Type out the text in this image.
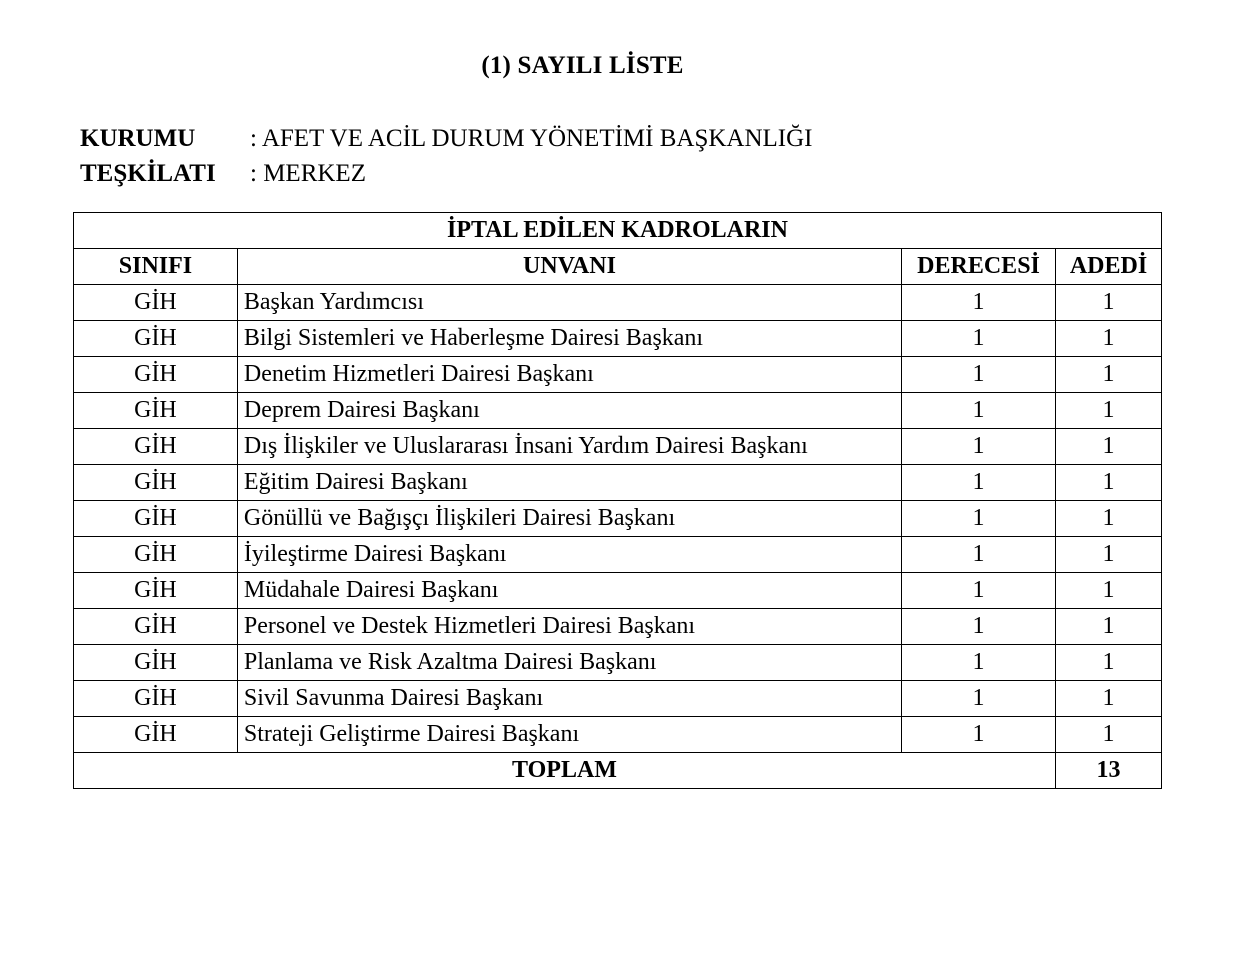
(1) SAYILI LİSTE
KURUMU : AFET VE ACİL DURUM YÖNETİMİ BAŞKANLIĞI
TEŞKİLATI : MERKEZ
İPTAL EDİLEN KADROLARIN			
SINIFI	UNVANI	DERECESİ	ADEDİ
GİH	Başkan Yardımcısı	1	1
GİH	Bilgi Sistemleri ve Haberleşme Dairesi Başkanı	1	1
GİH	Denetim Hizmetleri Dairesi Başkanı	1	1
GİH	Deprem Dairesi Başkanı	1	1
GİH	Dış İlişkiler ve Uluslararası İnsani Yardım Dairesi Başkanı	1	1
GİH	Eğitim Dairesi Başkanı	1	1
GİH	Gönüllü ve Bağışçı İlişkileri Dairesi Başkanı	1	1
GİH	İyileştirme Dairesi Başkanı	1	1
GİH	Müdahale Dairesi Başkanı	1	1
GİH	Personel ve Destek Hizmetleri Dairesi Başkanı	1	1
GİH	Planlama ve Risk Azaltma Dairesi Başkanı	1	1
GİH	Sivil Savunma Dairesi Başkanı	1	1
GİH	Strateji Geliştirme Dairesi Başkanı	1	1
TOPLAM			13
